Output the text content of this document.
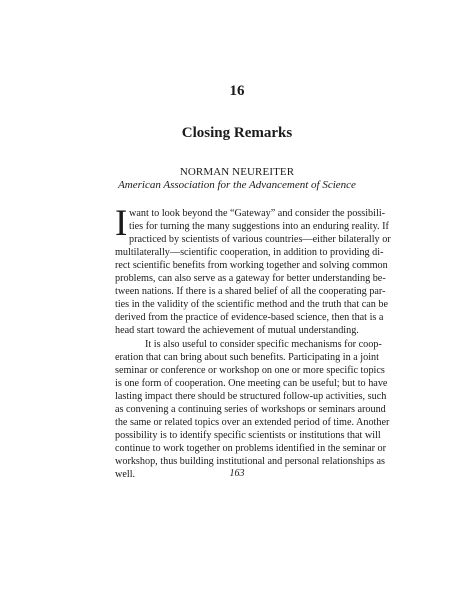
16
Closing Remarks
NORMAN NEUREITER
American Association for the Advancement of Science
I want to look beyond the “Gateway” and consider the possibili-
ties for turning the many suggestions into an enduring reality. If
practiced by scientists of various countries—either bilaterally or
multilaterally—scientific cooperation, in addition to providing di-
rect scientific benefits from working together and solving common
problems, can also serve as a gateway for better understanding be-
tween nations. If there is a shared belief of all the cooperating par-
ties in the validity of the scientific method and the truth that can be
derived from the practice of evidence-based science, then that is a
head start toward the achievement of mutual understanding.
It is also useful to consider specific mechanisms for coop-
eration that can bring about such benefits. Participating in a joint
seminar or conference or workshop on one or more specific topics
is one form of cooperation. One meeting can be useful; but to have
lasting impact there should be structured follow-up activities, such
as convening a continuing series of workshops or seminars around
the same or related topics over an extended period of time. Another
possibility is to identify specific scientists or institutions that will
continue to work together on problems identified in the seminar or
workshop, thus building institutional and personal relationships as
well.	163
